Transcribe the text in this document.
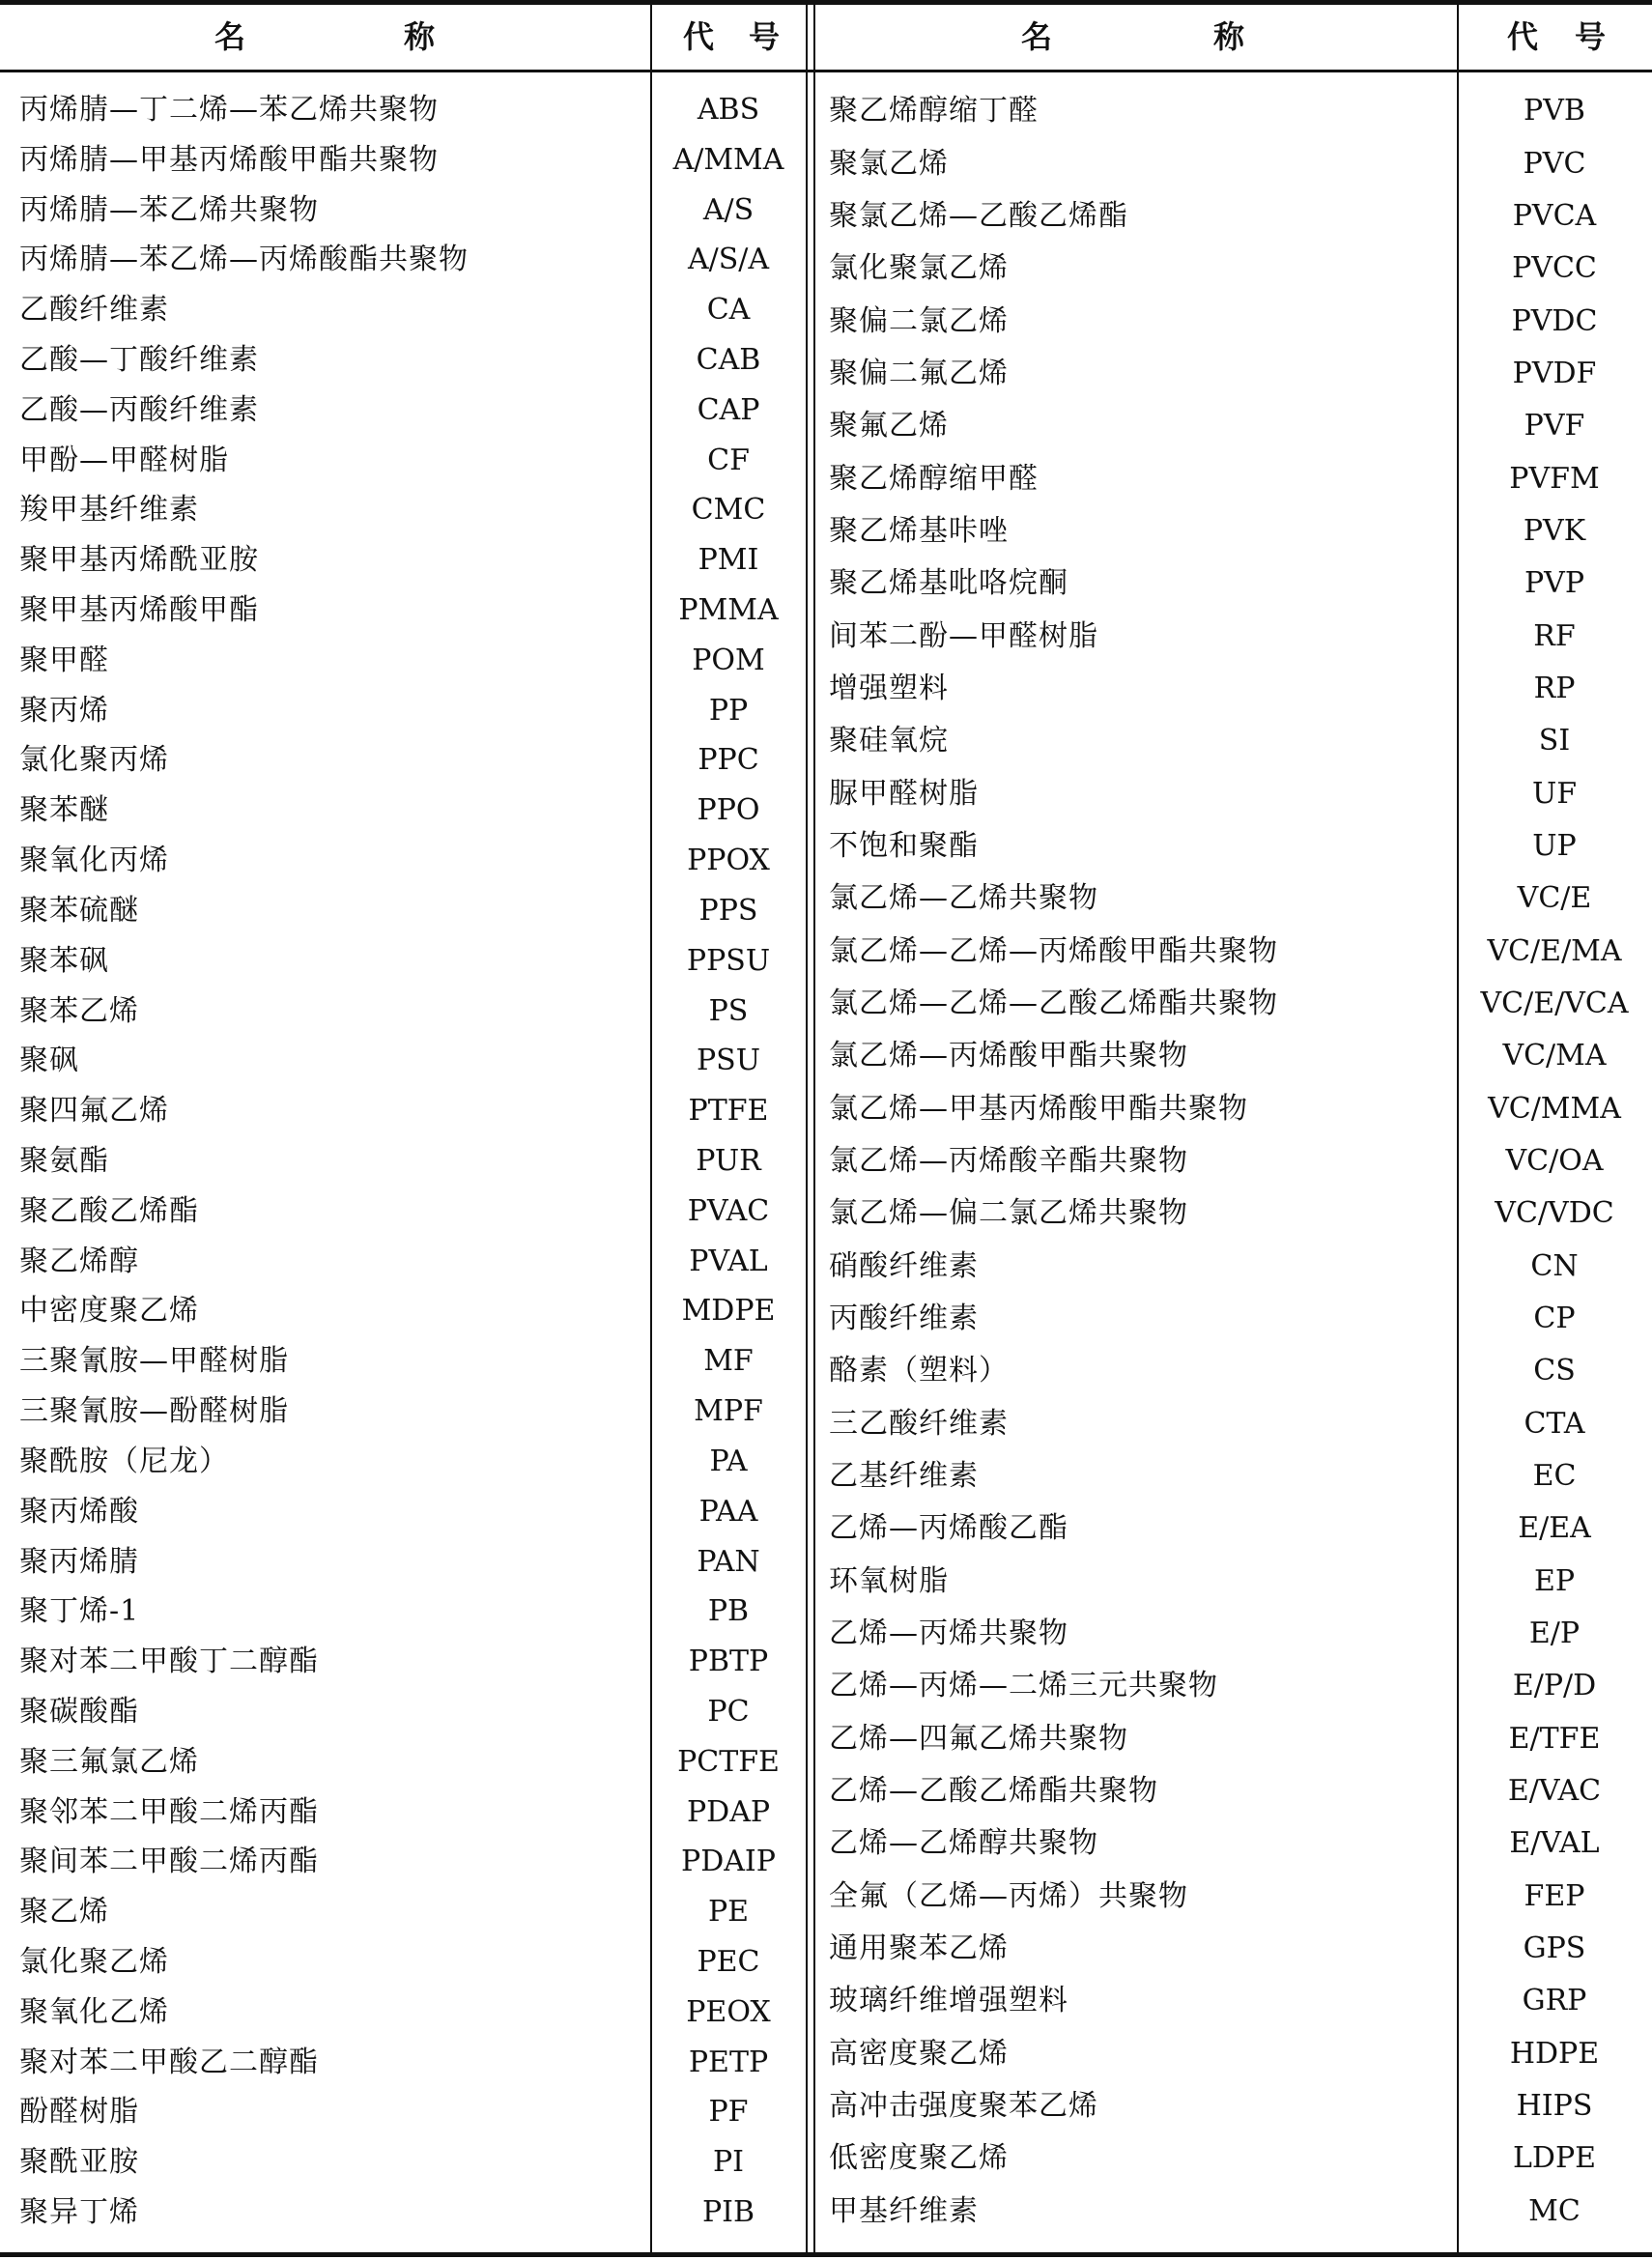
名	称	代 号	名	称	代 号
丙烯腈—丁二烯—苯乙烯共聚物	ABS
丙烯腈—甲基丙烯酸甲酯共聚物	A/MMA
丙烯腈—苯乙烯共聚物	A/S
丙烯腈—苯乙烯—丙烯酸酯共聚物	A/S/A
乙酸纤维素	CA
乙酸—丁酸纤维素	CAB
乙酸—丙酸纤维素	CAP
甲酚—甲醛树脂	CF
羧甲基纤维素	CMC
聚甲基丙烯酰亚胺	PMI
聚甲基丙烯酸甲酯	PMMA
聚甲醛	POM
聚丙烯	PP
氯化聚丙烯	PPC
聚苯醚	PPO
聚氧化丙烯	PPOX
聚苯硫醚	PPS
聚苯砜	PPSU
聚苯乙烯	PS
聚砜	PSU
聚四氟乙烯	PTFE
聚氨酯	PUR
聚乙酸乙烯酯	PVAC
聚乙烯醇	PVAL
中密度聚乙烯	MDPE
三聚氰胺—甲醛树脂	MF
三聚氰胺—酚醛树脂	MPF
聚酰胺（尼龙）	PA
聚丙烯酸	PAA
聚丙烯腈	PAN
聚丁烯-1	PB
聚对苯二甲酸丁二醇酯	PBTP
聚碳酸酯	PC
聚三氟氯乙烯	PCTFE
聚邻苯二甲酸二烯丙酯	PDAP
聚间苯二甲酸二烯丙酯	PDAIP
聚乙烯	PE
氯化聚乙烯	PEC
聚氧化乙烯	PEOX
聚对苯二甲酸乙二醇酯	PETP
酚醛树脂	PF
聚酰亚胺	PI
聚异丁烯	PIB
聚乙烯醇缩丁醛	PVB
聚氯乙烯	PVC
聚氯乙烯—乙酸乙烯酯	PVCA
氯化聚氯乙烯	PVCC
聚偏二氯乙烯	PVDC
聚偏二氟乙烯	PVDF
聚氟乙烯	PVF
聚乙烯醇缩甲醛	PVFM
聚乙烯基咔唑	PVK
聚乙烯基吡咯烷酮	PVP
间苯二酚—甲醛树脂	RF
增强塑料	RP
聚硅氧烷	SI
脲甲醛树脂	UF
不饱和聚酯	UP
氯乙烯—乙烯共聚物	VC/E
氯乙烯—乙烯—丙烯酸甲酯共聚物	VC/E/MA
氯乙烯—乙烯—乙酸乙烯酯共聚物	VC/E/VCA
氯乙烯—丙烯酸甲酯共聚物	VC/MA
氯乙烯—甲基丙烯酸甲酯共聚物	VC/MMA
氯乙烯—丙烯酸辛酯共聚物	VC/OA
氯乙烯—偏二氯乙烯共聚物	VC/VDC
硝酸纤维素	CN
丙酸纤维素	CP
酪素（塑料）	CS
三乙酸纤维素	CTA
乙基纤维素	EC
乙烯—丙烯酸乙酯	E/EA
环氧树脂	EP
乙烯—丙烯共聚物	E/P
乙烯—丙烯—二烯三元共聚物	E/P/D
乙烯—四氟乙烯共聚物	E/TFE
乙烯—乙酸乙烯酯共聚物	E/VAC
乙烯—乙烯醇共聚物	E/VAL
全氟（乙烯—丙烯）共聚物	FEP
通用聚苯乙烯	GPS
玻璃纤维增强塑料	GRP
高密度聚乙烯	HDPE
高冲击强度聚苯乙烯	HIPS
低密度聚乙烯	LDPE
甲基纤维素	MC
